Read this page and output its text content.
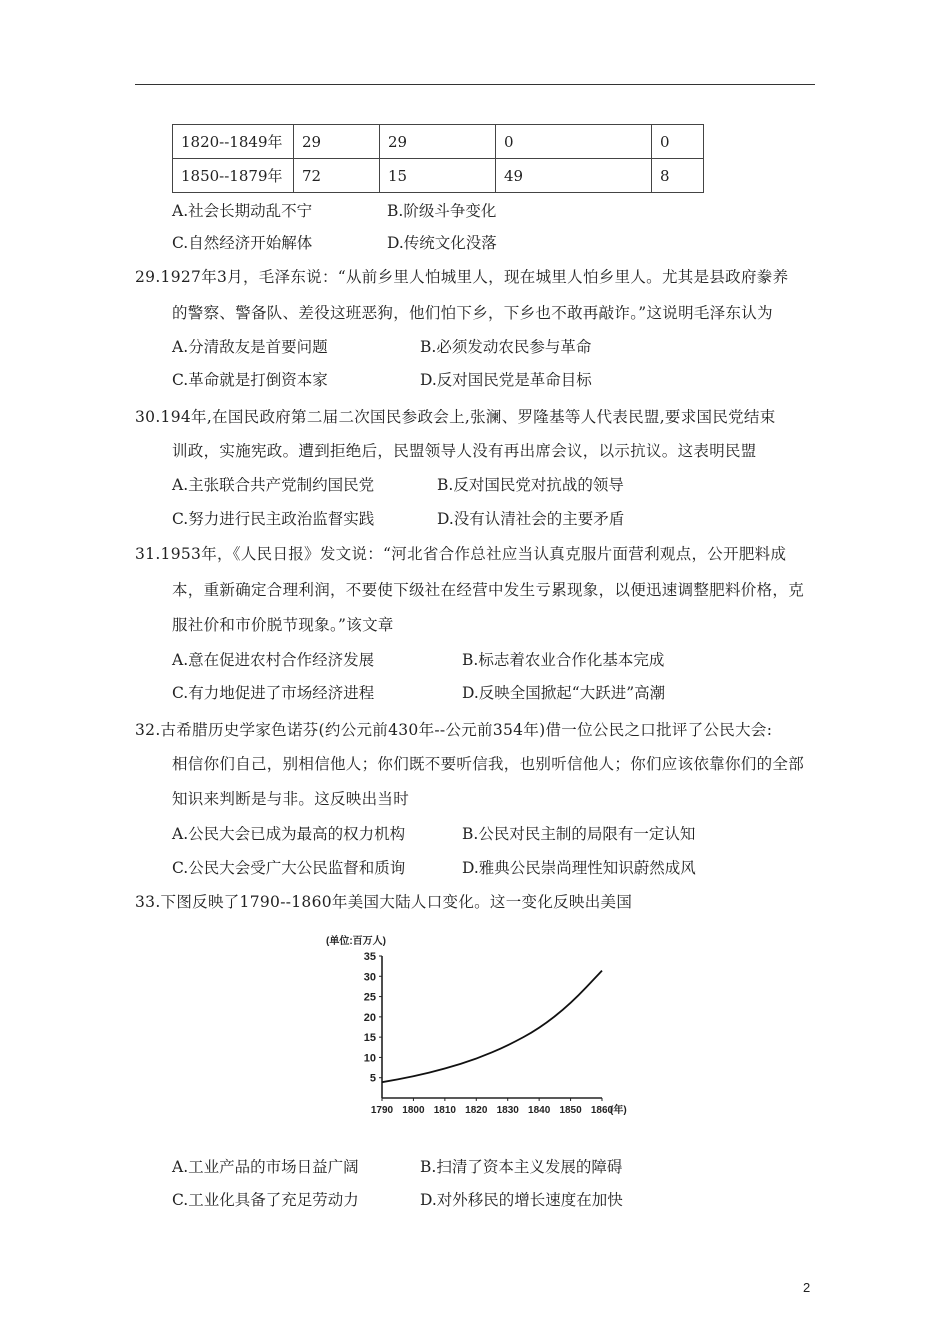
1820--1849年	29	29	0	0
1850--1879年	72	15	49	8
A.社会长期动乱不宁	B.阶级斗争变化
C.自然经济开始解体	D.传统文化没落
29.1927年3月，毛泽东说：“从前乡里人怕城里人，现在城里人怕乡里人。尤其是县政府豢养
的警察、警备队、差役这班恶狗，他们怕下乡，下乡也不敢再敲诈。”这说明毛泽东认为
A.分清敌友是首要问题	B.必须发动农民参与革命
C.革命就是打倒资本家	D.反对国民党是革命目标
30.194年,在国民政府第二届二次国民参政会上,张澜、罗隆基等人代表民盟,要求国民党结束
训政，实施宪政。遭到拒绝后，民盟领导人没有再出席会议，以示抗议。这表明民盟
A.主张联合共产党制约国民党	B.反对国民党对抗战的领导
C.努力进行民主政治监督实践	D.没有认清社会的主要矛盾
31.1953年，《人民日报》发文说：“河北省合作总社应当认真克服片面营利观点，公开肥料成
本，重新确定合理利润，不要使下级社在经营中发生亏累现象，以便迅速调整肥料价格，克
服社价和市价脱节现象。”该文章
A.意在促进农村合作经济发展	B.标志着农业合作化基本完成
C.有力地促进了市场经济进程	D.反映全国掀起“大跃进”高潮
32.古希腊历史学家色诺芬(约公元前430年--公元前354年)借一位公民之口批评了公民大会:
相信你们自己，别相信他人；你们既不要听信我，也别听信他人；你们应该依靠你们的全部
知识来判断是与非。这反映出当时
A.公民大会已成为最高的权力机构	B.公民对民主制的局限有一定认知
C.公民大会受广大公民监督和质询	D.雅典公民崇尚理性知识蔚然成风
33.下图反映了1790--1860年美国大陆人口变化。这一变化反映出美国
(单位:百万人)
5
10
15
20
25
30
35
1790 1800 1810 1820 1830 1840 1850 1860
(年)
A.工业产品的市场日益广阔	B.扫清了资本主义发展的障碍
C.工业化具备了充足劳动力	D.对外移民的增长速度在加快
2
